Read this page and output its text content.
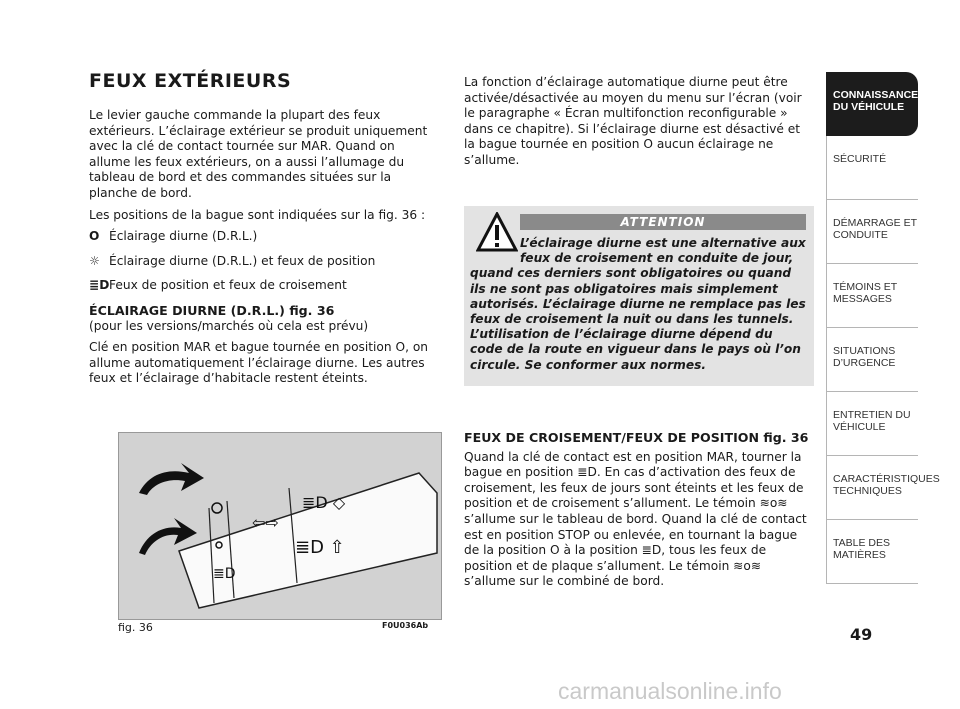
FEUX EXTÉRIEURS

Le levier gauche commande la plupart des feux extérieurs. L’éclairage extérieur se produit uniquement avec la clé de contact tournée sur MAR. Quand on allume les feux extérieurs, on a aussi l’allumage du tableau de bord et des commandes situées sur la planche de bord.

Les positions de la bague sont indiquées sur la fig. 36 :

O Éclairage diurne (D.R.L.)
☼ Éclairage diurne (D.R.L.) et feux de position
≣D Feux de position et feux de croisement
ÉCLAIRAGE DIURNE (D.R.L.) fig. 36

(pour les versions/marchés où cela est prévu)

Clé en position MAR et bague tournée en position O, on allume automatiquement l’éclairage diurne. Les autres feux et l’éclairage d’habitacle restent éteints.

La fonction d’éclairage automatique diurne peut être activée/désactivée au moyen du menu sur l’écran (voir le paragraphe « Écran multifonction reconfigurable » dans ce chapitre). Si l’éclairage diurne est désactivé et la bague tournée en position O aucun éclairage ne s’allume.

ATTENTION
L’éclairage diurne est une alternative aux feux de croisement en conduite de jour,
quand ces derniers sont obligatoires ou quand ils ne sont pas obligatoires mais simplement autorisés. L’éclairage diurne ne remplace pas les feux de croisement la nuit ou dans les tunnels. L’utilisation de l’éclairage diurne dépend du code de la route en vigueur dans le pays où l’on circule. Se conformer aux normes.
≣D
⇦⇨
≣D ◇
≣D ⇧
fig. 36	F0U036Ab
FEUX DE CROISEMENT/FEUX DE POSITION fig. 36
Quand la clé de contact est en position MAR, tourner la bague en position ≣D. En cas d’activation des feux de croisement, les feux de jours sont éteints et les feux de position et de croisement s’allument. Le témoin ≋o≋ s’allume sur le tableau de bord. Quand la clé de contact est en position STOP ou enlevée, en tournant la bague de la position O à la position ≣D, tous les feux de position et de plaque s’allument. Le témoin ≋o≋ s’allume sur le combiné de bord.
CONNAISSANCE DU VÉHICULE
SÉCURITÉ
DÉMARRAGE ET CONDUITE
TÉMOINS ET MESSAGES
SITUATIONS D’URGENCE
ENTRETIEN DU VÉHICULE
CARACTÉRISTIQUES TECHNIQUES
TABLE DES MATIÈRES
49
carmanualsonline.info
